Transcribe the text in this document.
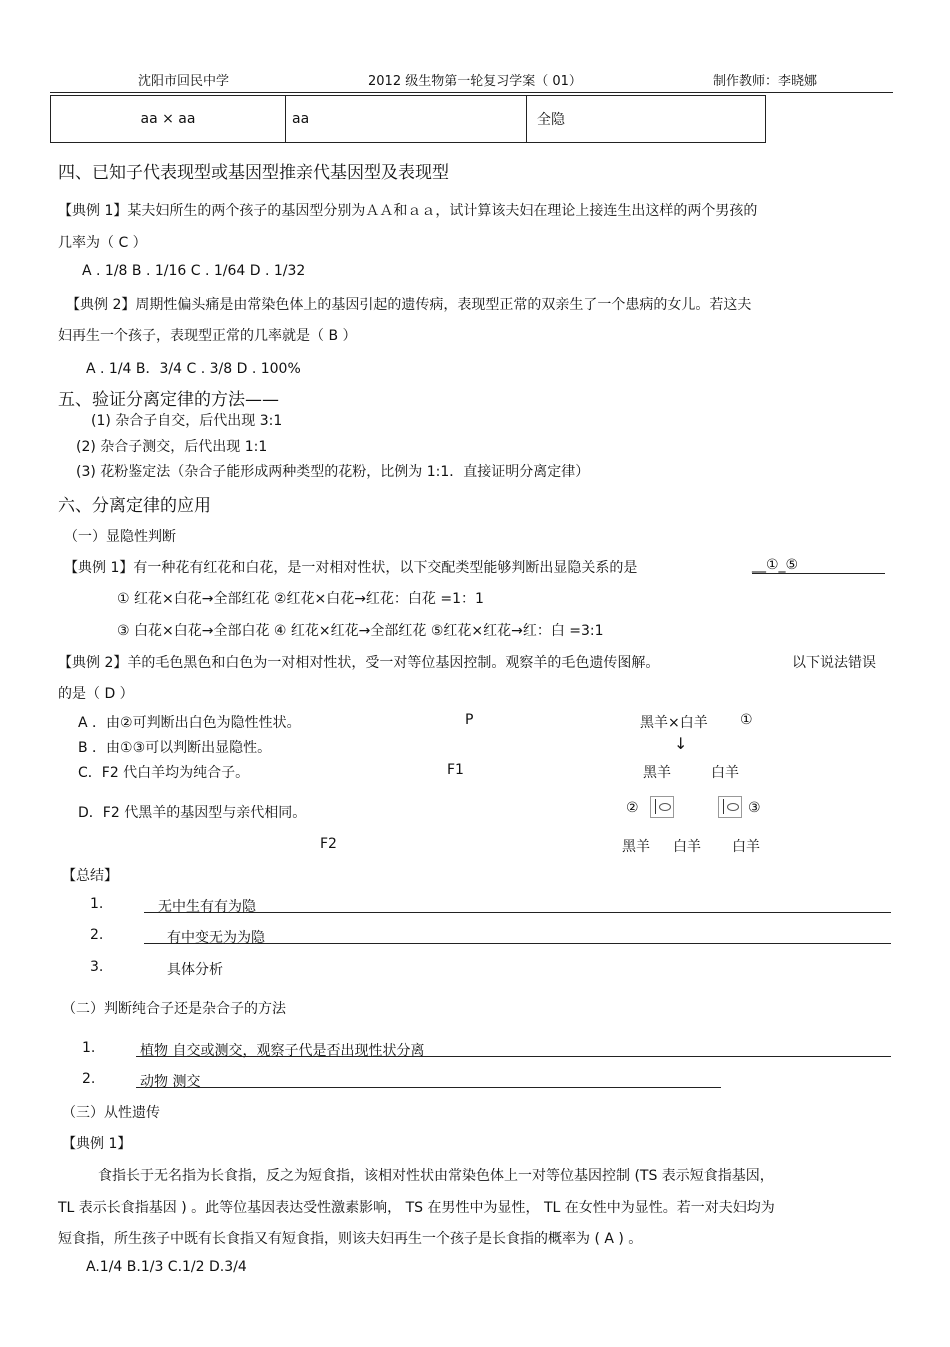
沈阳市回民中学	2012 级生物第一轮复习学案（ 01）	制作教师：李晓娜
aa × aa	aa	全隐
四、已知子代表现型或基因型推亲代基因型及表现型
【典例 1】某夫妇所生的两个孩子的基因型分别为ＡＡ和ａａ，试计算该夫妇在理论上接连生出这样的两个男孩的
几率为（ C ）
A . 1/8 B . 1/16 C . 1/64 D . 1/32
【典例 2】周期性偏头痛是由常染色体上的基因引起的遗传病，表现型正常的双亲生了一个患病的女儿。若这夫
妇再生一个孩子，表现型正常的几率就是（ B ）
A . 1/4 B．3/4 C . 3/8 D . 100%
五、验证分离定律的方法——
(1) 杂合子自交，后代出现 3:1
(2) 杂合子测交，后代出现 1:1
(3) 花粉鉴定法（杂合子能形成两种类型的花粉，比例为 1:1．直接证明分离定律）
六、分离定律的应用
（一）显隐性判断
【典例 1】有一种花有红花和白花，是一对相对性状，以下交配类型能够判断出显隐关系的是	__①_⑤
① 红花×白花→全部红花 ②红花×白花→红花：白花 =1：1
③ 白花×白花→全部白花 ④ 红花×红花→全部红花 ⑤红花×红花→红：白 =3:1
【典例 2】羊的毛色黑色和白色为一对相对性状，受一对等位基因控制。观察羊的毛色遗传图解。	以下说法错误
的是（ D ）
A ．由②可判断出白色为隐性性状。
B ．由①③可以判断出显隐性。
C．F2 代白羊均为纯合子。
D．F2 代黑羊的基因型与亲代相同。
P	黑羊×白羊 ①
↓
F1	黑羊	白羊
②	③
F2	黑羊 白羊 白羊
【总结】
1.	无中生有有为隐
2.	有中变无为为隐
3.	具体分析
（二）判断纯合子还是杂合子的方法
1.	植物 自交或测交，观察子代是否出现性状分离
2.	动物 测交
（三）从性遗传
【典例 1】
食指长于无名指为长食指，反之为短食指，该相对性状由常染色体上一对等位基因控制 (TS 表示短食指基因，
TL 表示长食指基因 ) 。此等位基因表达受性激素影响， TS 在男性中为显性， TL 在女性中为显性。若一对夫妇均为
短食指，所生孩子中既有长食指又有短食指，则该夫妇再生一个孩子是长食指的概率为 ( A ) 。
A.1/4 B.1/3 C.1/2 D.3/4
